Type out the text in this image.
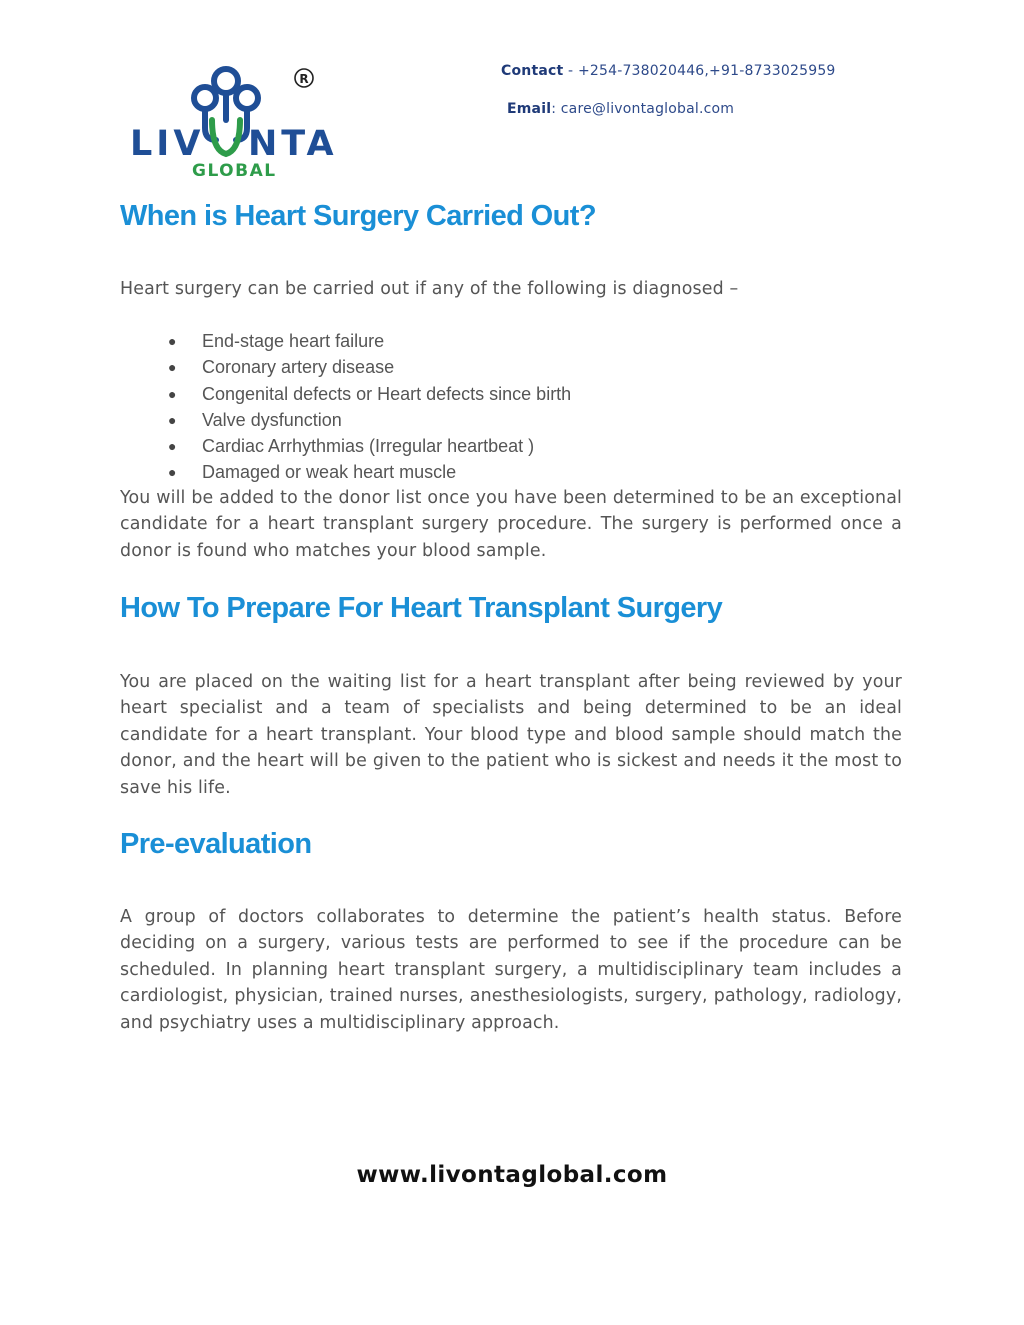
R
LIV NTA
GLOBAL
Contact - +254-738020446,+91-8733025959
Email: care@livontaglobal.com
When is Heart Surgery Carried Out?

Heart surgery can be carried out if any of the following is diagnosed –

● End-stage heart failure
● Coronary artery disease
● Congenital defects or Heart defects since birth
● Valve dysfunction
● Cardiac Arrhythmias (Irregular heartbeat )
● Damaged or weak heart muscle

You will be added to the donor list once you have been determined to be an exceptional candidate for a heart transplant surgery procedure. The surgery is performed once a donor is found who matches your blood sample.

How To Prepare For Heart Transplant Surgery

You are placed on the waiting list for a heart transplant after being reviewed by your heart specialist and a team of specialists and being determined to be an ideal candidate for a heart transplant. Your blood type and blood sample should match the donor, and the heart will be given to the patient who is sickest and needs it the most to save his life.

Pre-evaluation

A group of doctors collaborates to determine the patient’s health status. Before deciding on a surgery, various tests are performed to see if the procedure can be scheduled. In planning heart transplant surgery, a multidisciplinary team includes a cardiologist, physician, trained nurses, anesthesiologists, surgery, pathology, radiology, and psychiatry uses a multidisciplinary approach.

www.livontaglobal.com
